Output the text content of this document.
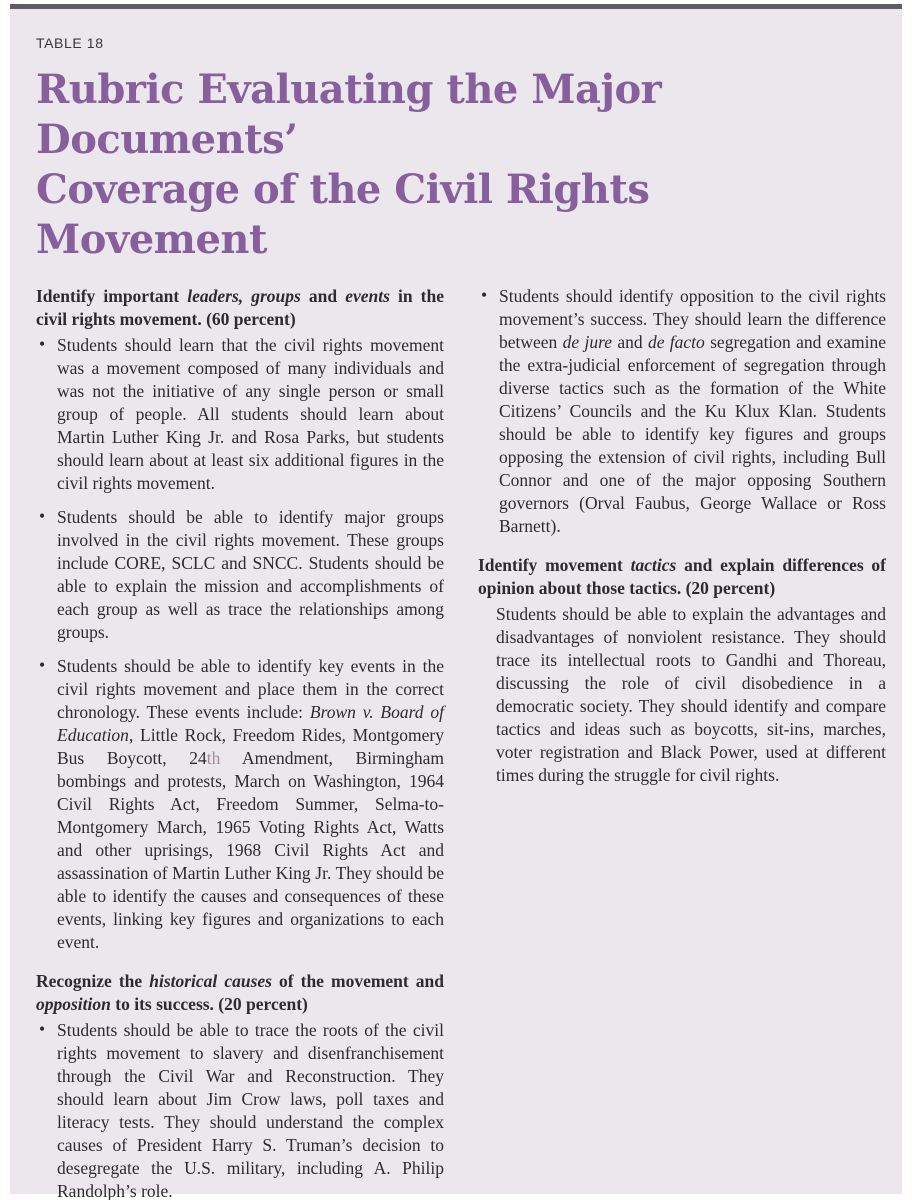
TABLE 18
Rubric Evaluating the Major Documents’
Coverage of the Civil Rights Movement
Identify important leaders, groups and events in the civil rights movement. (60 percent)
• Students should learn that the civil rights movement was a movement composed of many individuals and was not the initiative of any single person or small group of people. All students should learn about Martin Luther King Jr. and Rosa Parks, but students should learn about at least six additional figures in the civil rights movement.
• Students should be able to identify major groups involved in the civil rights movement. These groups include CORE, SCLC and SNCC. Students should be able to explain the mission and accomplishments of each group as well as trace the relationships among groups.
• Students should be able to identify key events in the civil rights movement and place them in the correct chronology. These events include: Brown v. Board of Education, Little Rock, Freedom Rides, Montgomery Bus Boycott, 24th Amendment, Birmingham bombings and protests, March on Washington, 1964 Civil Rights Act, Freedom Summer, Selma-to-Montgomery March, 1965 Voting Rights Act, Watts and other uprisings, 1968 Civil Rights Act and assassination of Martin Luther King Jr. They should be able to identify the causes and consequences of these events, linking key figures and organizations to each event.
Recognize the historical causes of the movement and opposition to its success. (20 percent)
• Students should be able to trace the roots of the civil rights movement to slavery and disenfranchisement through the Civil War and Reconstruction. They should learn about Jim Crow laws, poll taxes and literacy tests. They should understand the complex causes of President Harry S. Truman’s decision to desegregate the U.S. military, including A. Philip Randolph’s role.
• Students should identify opposition to the civil rights movement’s success. They should learn the difference between de jure and de facto segregation and examine the extra-judicial enforcement of segregation through diverse tactics such as the formation of the White Citizens’ Councils and the Ku Klux Klan. Students should be able to identify key figures and groups opposing the extension of civil rights, including Bull Connor and one of the major opposing Southern governors (Orval Faubus, George Wallace or Ross Barnett).
Identify movement tactics and explain differences of opinion about those tactics. (20 percent)
Students should be able to explain the advantages and disadvantages of nonviolent resistance. They should trace its intellectual roots to Gandhi and Thoreau, discussing the role of civil disobedience in a democratic society. They should identify and compare tactics and ideas such as boycotts, sit-ins, marches, voter registration and Black Power, used at different times during the struggle for civil rights.
